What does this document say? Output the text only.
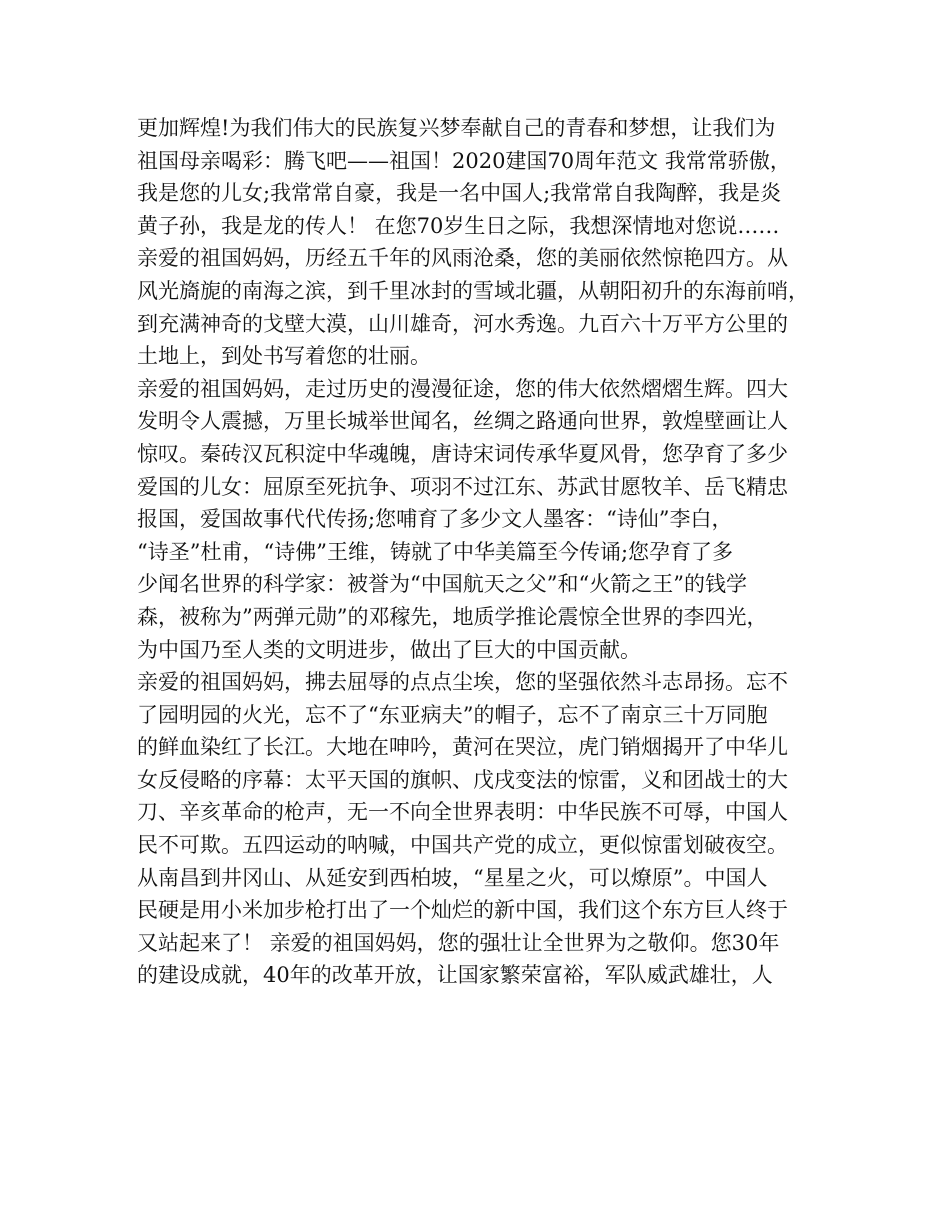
更加辉煌!为我们伟大的民族复兴梦奉献自己的青春和梦想，让我们为
祖国母亲喝彩：腾飞吧——祖国！2020建国70周年范文 我常常骄傲，
我是您的儿女;我常常自豪，我是一名中国人;我常常自我陶醉，我是炎
黄子孙，我是龙的传人！ 在您70岁生日之际，我想深情地对您说……
亲爱的祖国妈妈，历经五千年的风雨沧桑，您的美丽依然惊艳四方。从
风光旖旎的南海之滨，到千里冰封的雪域北疆，从朝阳初升的东海前哨，
到充满神奇的戈壁大漠，山川雄奇，河水秀逸。九百六十万平方公里的
土地上，到处书写着您的壮丽。
亲爱的祖国妈妈，走过历史的漫漫征途，您的伟大依然熠熠生辉。四大
发明令人震撼，万里长城举世闻名，丝绸之路通向世界，敦煌壁画让人
惊叹。秦砖汉瓦积淀中华魂魄，唐诗宋词传承华夏风骨，您孕育了多少
爱国的儿女：屈原至死抗争、项羽不过江东、苏武甘愿牧羊、岳飞精忠
报国，爱国故事代代传扬;您哺育了多少文人墨客：“诗仙”李白，
“诗圣”杜甫，“诗佛”王维，铸就了中华美篇至今传诵;您孕育了多
少闻名世界的科学家：被誉为“中国航天之父”和“火箭之王”的钱学
森，被称为”两弹元勋”的邓稼先，地质学推论震惊全世界的李四光，
为中国乃至人类的文明进步，做出了巨大的中国贡献。
亲爱的祖国妈妈，拂去屈辱的点点尘埃，您的坚强依然斗志昂扬。忘不
了园明园的火光，忘不了“东亚病夫”的帽子，忘不了南京三十万同胞
的鲜血染红了长江。大地在呻吟，黄河在哭泣，虎门销烟揭开了中华儿
女反侵略的序幕：太平天国的旗帜、戊戌变法的惊雷，义和团战士的大
刀、辛亥革命的枪声，无一不向全世界表明：中华民族不可辱，中国人
民不可欺。五四运动的呐喊，中国共产党的成立，更似惊雷划破夜空。
从南昌到井冈山、从延安到西柏坡，“星星之火，可以燎原”。中国人
民硬是用小米加步枪打出了一个灿烂的新中国，我们这个东方巨人终于
又站起来了！ 亲爱的祖国妈妈，您的强壮让全世界为之敬仰。您30年
的建设成就，40年的改革开放，让国家繁荣富裕，军队威武雄壮，人
